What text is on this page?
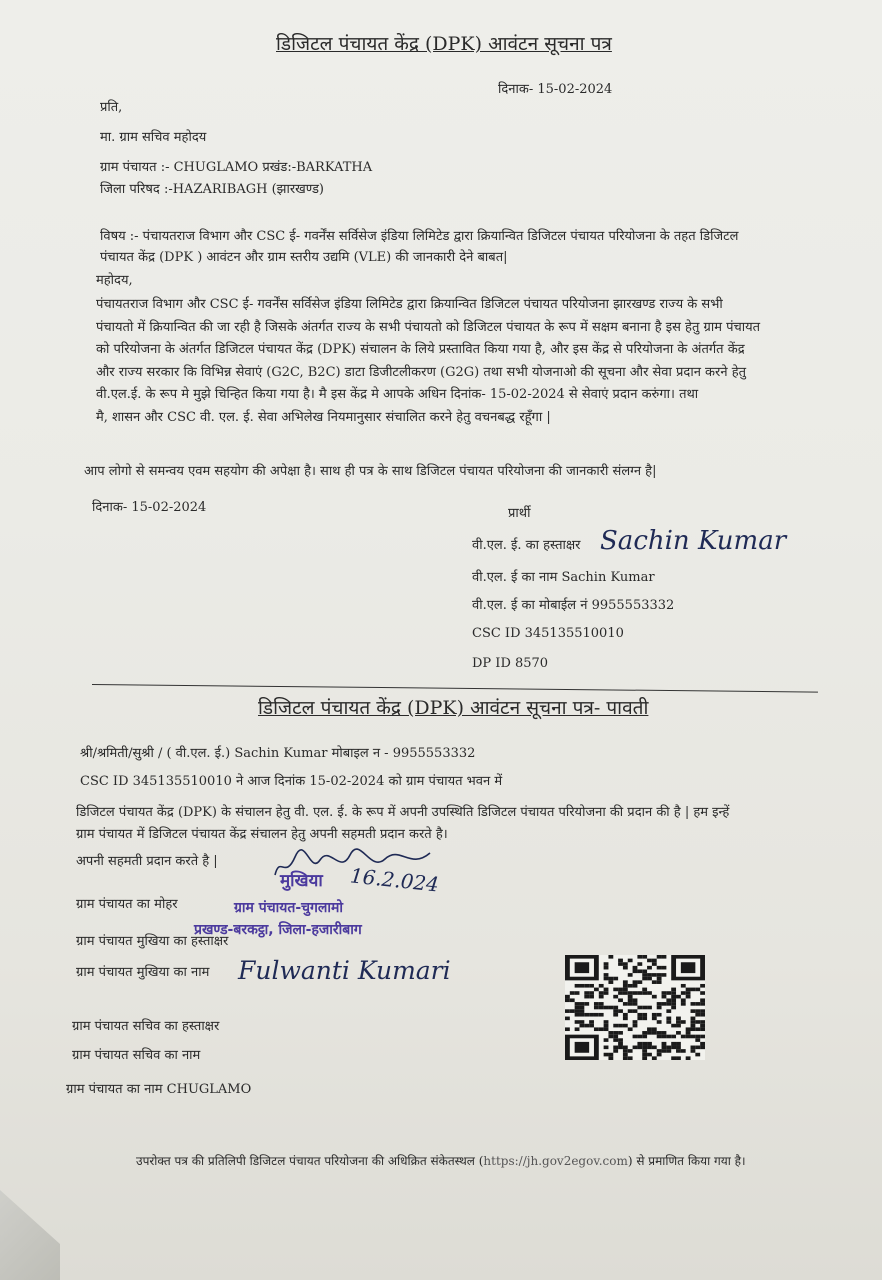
डिजिटल पंचायत केंद्र (DPK) आवंटन सूचना पत्र
दिनाक- 15-02-2024
प्रति,
मा. ग्राम सचिव महोदय
ग्राम पंचायत :- CHUGLAMO प्रखंड:-BARKATHA
जिला परिषद :-HAZARIBAGH (झारखण्ड)
विषय :- पंचायतराज विभाग और CSC ई- गवर्नेंस सर्विसेज इंडिया लिमिटेड द्वारा क्रियान्वित डिजिटल पंचायत परियोजना के तहत डिजिटल
पंचायत केंद्र (DPK ) आवंटन और ग्राम स्तरीय उद्यमि (VLE) की जानकारी देने बाबत|
महोदय,
पंचायतराज विभाग और CSC ई- गवर्नेंस सर्विसेज इंडिया लिमिटेड द्वारा क्रियान्वित डिजिटल पंचायत परियोजना झारखण्ड राज्य के सभी
पंचायतो में क्रियान्वित की जा रही है जिसके अंतर्गत राज्य के सभी पंचायतो को डिजिटल पंचायत के रूप में सक्षम बनाना है इस हेतु ग्राम पंचायत
को परियोजना के अंतर्गत डिजिटल पंचायत केंद्र (DPK) संचालन के लिये प्रस्तावित किया गया है, और इस केंद्र से परियोजना के अंतर्गत केंद्र
और राज्य सरकार कि विभिन्न सेवाएं (G2C, B2C) डाटा डिजीटलीकरण (G2G) तथा सभी योजनाओ की सूचना और सेवा प्रदान करने हेतु
वी.एल.ई. के रूप मे मुझे चिन्हित किया गया है। मै इस केंद्र मे आपके अधिन दिनांक- 15-02-2024 से सेवाएं प्रदान करुंगा। तथा
मै, शासन और CSC वी. एल. ई. सेवा अभिलेख नियमानुसार संचालित करने हेतु वचनबद्ध रहूँगा |
आप लोगो से समन्वय एवम सहयोग की अपेक्षा है। साथ ही पत्र के साथ डिजिटल पंचायत परियोजना की जानकारी संलग्न है|
दिनाक- 15-02-2024	प्रार्थी
वी.एल. ई. का हस्ताक्षर Sachin Kumar
वी.एल. ई का नाम Sachin Kumar
वी.एल. ई का मोबाईल नं 9955553332
CSC ID 345135510010
DP ID 8570
डिजिटल पंचायत केंद्र (DPK) आवंटन सूचना पत्र- पावती
श्री/श्रमिती/सुश्री / ( वी.एल. ई.) Sachin Kumar मोबाइल न - 9955553332
CSC ID 345135510010 ने आज दिनांक 15-02-2024 को ग्राम पंचायत भवन में
डिजिटल पंचायत केंद्र (DPK) के संचालन हेतु वी. एल. ई. के रूप में अपनी उपस्थिति डिजिटल पंचायत परियोजना की प्रदान की है | हम इन्हें
ग्राम पंचायत में डिजिटल पंचायत केंद्र संचालन हेतु अपनी सहमती प्रदान करते है।
अपनी सहमती प्रदान करते है |
ग्राम पंचायत का मोहर
ग्राम पंचायत मुखिया का हस्ताक्षर
ग्राम पंचायत मुखिया का नाम Fulwanti Kumari
मुखिया
ग्राम पंचायत-चुगलामो
प्रखण्ड-बरकट्ठा, जिला-हजारीबाग
16.2.024
ग्राम पंचायत सचिव का हस्ताक्षर
ग्राम पंचायत सचिव का नाम
ग्राम पंचायत का नाम CHUGLAMO
उपरोक्त पत्र की प्रतिलिपी डिजिटल पंचायत परियोजना की अधिक्रित संकेतस्थल (https://jh.gov2egov.com) से प्रमाणित किया गया है।
